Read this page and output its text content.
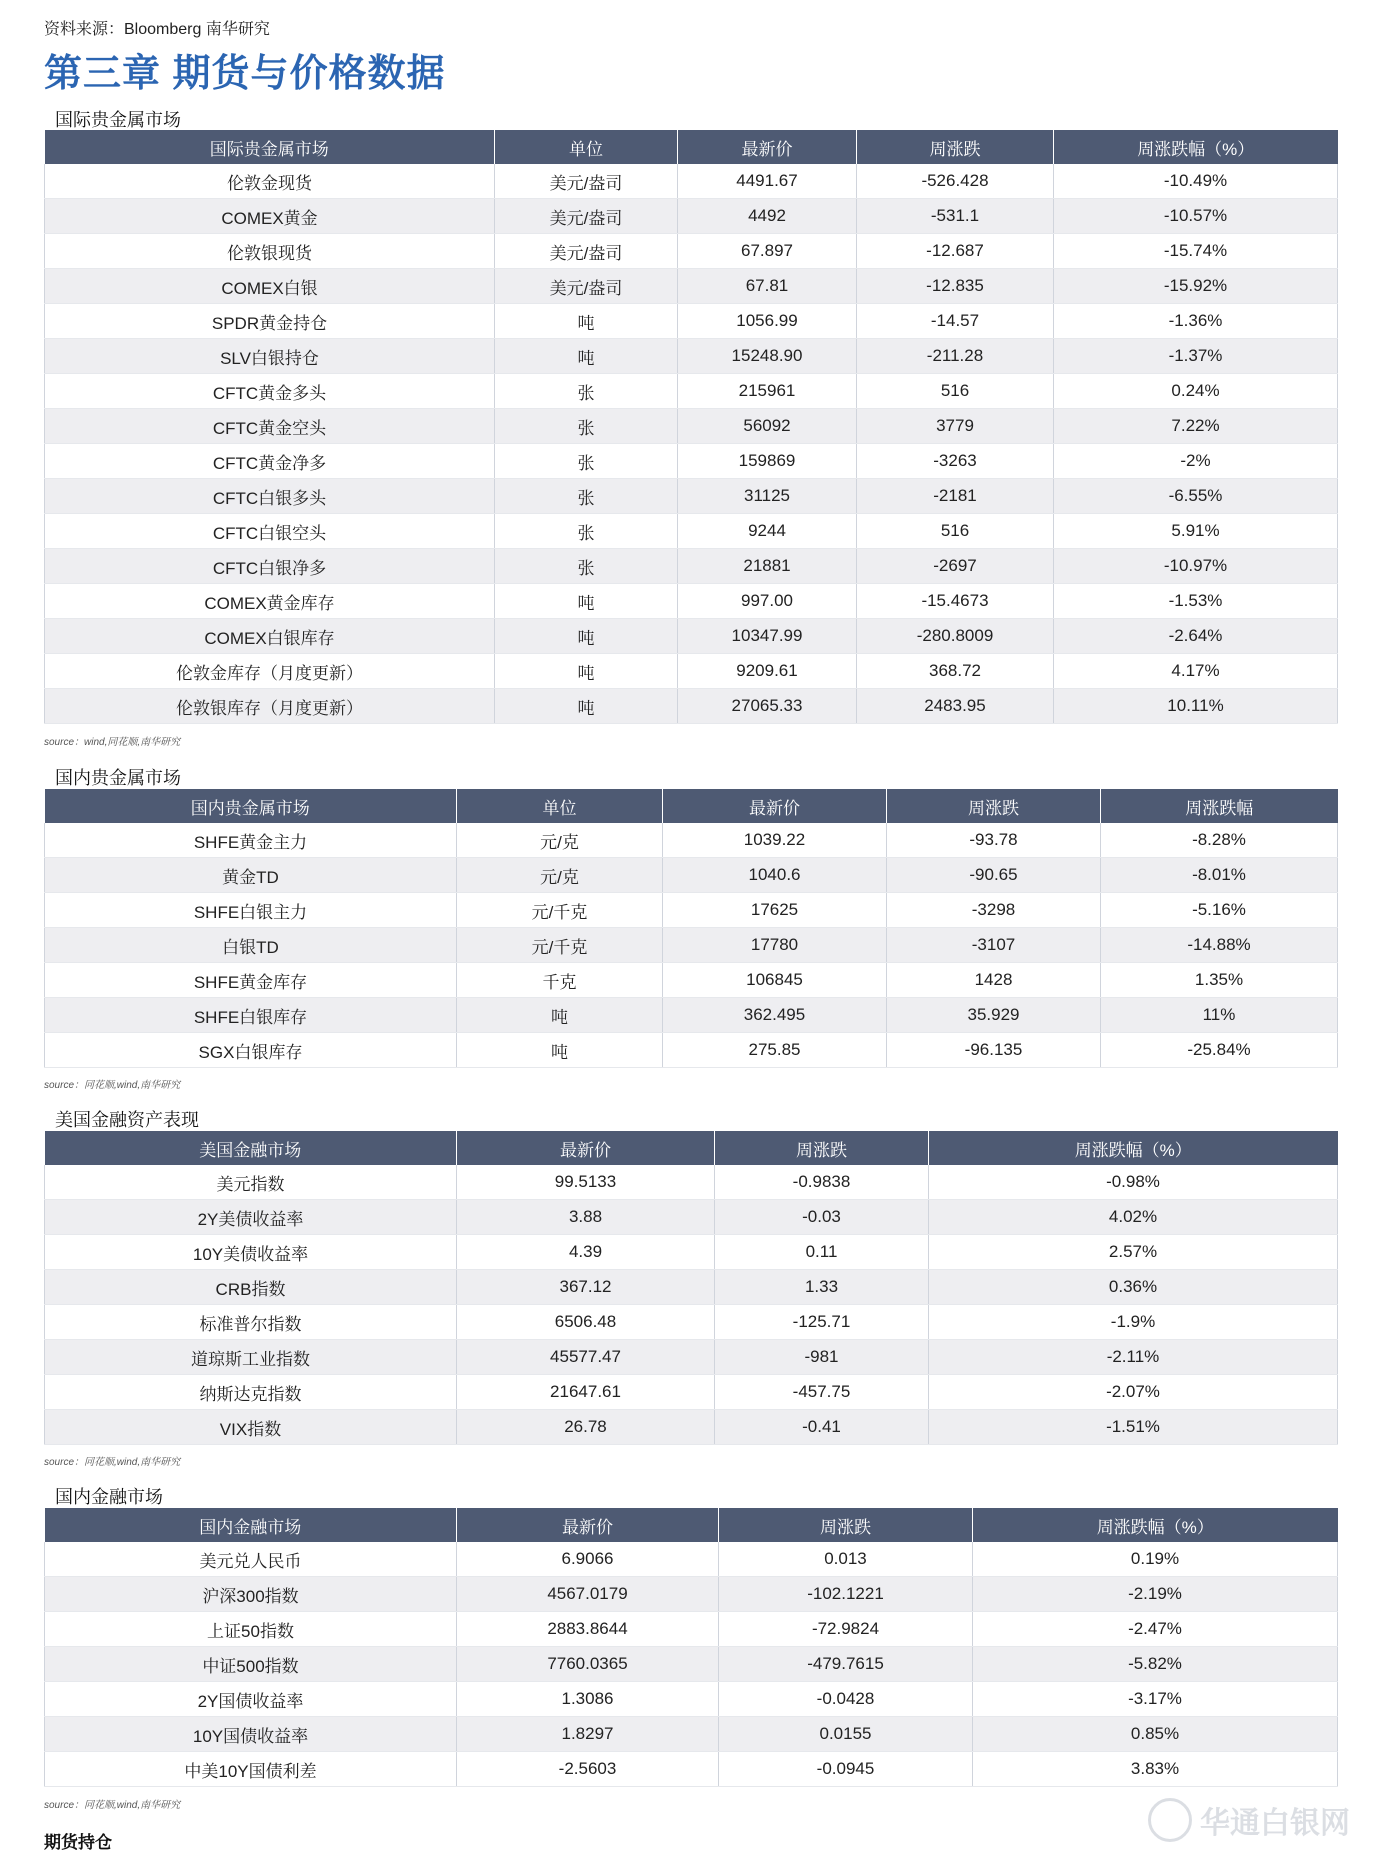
资料来源：Bloomberg 南华研究
第三章 期货与价格数据
国际贵金属市场
国际贵金属市场	单位	最新价	周涨跌	周涨跌幅（%）
伦敦金现货	美元/盎司	4491.67	-526.428	-10.49%
COMEX黄金	美元/盎司	4492	-531.1	-10.57%
伦敦银现货	美元/盎司	67.897	-12.687	-15.74%
COMEX白银	美元/盎司	67.81	-12.835	-15.92%
SPDR黄金持仓	吨	1056.99	-14.57	-1.36%
SLV白银持仓	吨	15248.90	-211.28	-1.37%
CFTC黄金多头	张	215961	516	0.24%
CFTC黄金空头	张	56092	3779	7.22%
CFTC黄金净多	张	159869	-3263	-2%
CFTC白银多头	张	31125	-2181	-6.55%
CFTC白银空头	张	9244	516	5.91%
CFTC白银净多	张	21881	-2697	-10.97%
COMEX黄金库存	吨	997.00	-15.4673	-1.53%
COMEX白银库存	吨	10347.99	-280.8009	-2.64%
伦敦金库存（月度更新）	吨	9209.61	368.72	4.17%
伦敦银库存（月度更新）	吨	27065.33	2483.95	10.11%
source：wind,同花顺,南华研究
国内贵金属市场
国内贵金属市场	单位	最新价	周涨跌	周涨跌幅
SHFE黄金主力	元/克	1039.22	-93.78	-8.28%
黄金TD	元/克	1040.6	-90.65	-8.01%
SHFE白银主力	元/千克	17625	-3298	-5.16%
白银TD	元/千克	17780	-3107	-14.88%
SHFE黄金库存	千克	106845	1428	1.35%
SHFE白银库存	吨	362.495	35.929	11%
SGX白银库存	吨	275.85	-96.135	-25.84%
source：同花顺,wind,南华研究
美国金融资产表现
美国金融市场	最新价	周涨跌	周涨跌幅（%）
美元指数	99.5133	-0.9838	-0.98%
2Y美债收益率	3.88	-0.03	4.02%
10Y美债收益率	4.39	0.11	2.57%
CRB指数	367.12	1.33	0.36%
标准普尔指数	6506.48	-125.71	-1.9%
道琼斯工业指数	45577.47	-981	-2.11%
纳斯达克指数	21647.61	-457.75	-2.07%
VIX指数	26.78	-0.41	-1.51%
source：同花顺,wind,南华研究
国内金融市场
国内金融市场	最新价	周涨跌	周涨跌幅（%）
美元兑人民币	6.9066	0.013	0.19%
沪深300指数	4567.0179	-102.1221	-2.19%
上证50指数	2883.8644	-72.9824	-2.47%
中证500指数	7760.0365	-479.7615	-5.82%
2Y国债收益率	1.3086	-0.0428	-3.17%
10Y国债收益率	1.8297	0.0155	0.85%
中美10Y国债利差	-2.5603	-0.0945	3.83%
source：同花顺,wind,南华研究
期货持仓
华通白银网
